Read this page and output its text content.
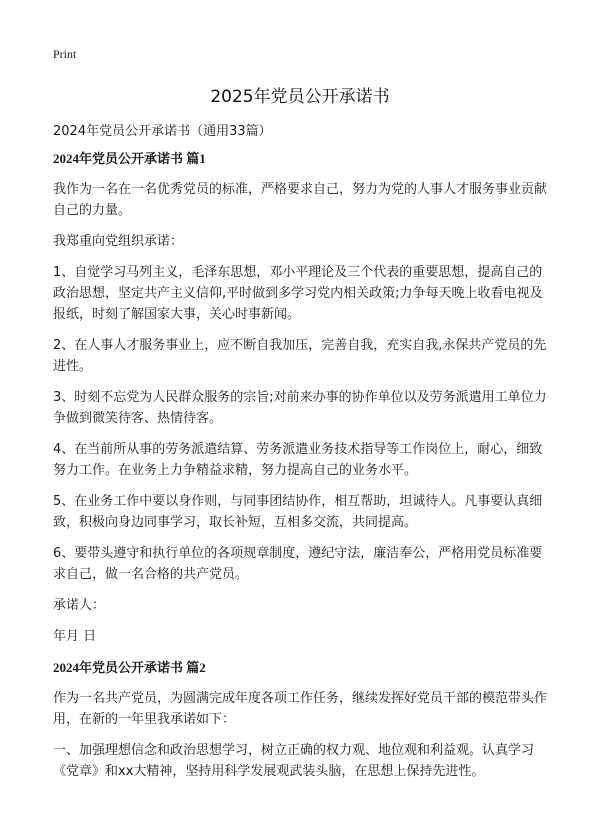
Print
2025年党员公开承诺书

2024年党员公开承诺书（通用33篇）

2024年党员公开承诺书 篇1

我作为一名在一名优秀党员的标准，严格要求自己，努力为党的人事人才服务事业贡献自己的力量。

我郑重向党组织承诺：

1、自觉学习马列主义，毛泽东思想，邓小平理论及三个代表的重要思想，提高自己的政治思想，坚定共产主义信仰,平时做到多学习党内相关政策;力争每天晚上收看电视及报纸，时刻了解国家大事，关心时事新闻。

2、在人事人才服务事业上，应不断自我加压，完善自我，充实自我,永保共产党员的先进性。

3、时刻不忘党为人民群众服务的宗旨;对前来办事的协作单位以及劳务派遣用工单位力争做到微笑待客、热情待客。

4、在当前所从事的劳务派遣结算、劳务派遣业务技术指导等工作岗位上，耐心，细致努力工作。在业务上力争精益求精，努力提高自己的业务水平。

5、在业务工作中要以身作则，与同事团结协作，相互帮助，坦诚待人。凡事要认真细致，积极向身边同事学习，取长补短，互相多交流，共同提高。

6、要带头遵守和执行单位的各项规章制度，遵纪守法，廉洁奉公，严格用党员标准要求自己，做一名合格的共产党员。

承诺人：

年月 日

2024年党员公开承诺书 篇2

作为一名共产党员，为圆满完成年度各项工作任务，继续发挥好党员干部的模范带头作用，在新的一年里我承诺如下：

一、加强理想信念和政治思想学习，树立正确的权力观、地位观和利益观。认真学习《党章》和xx大精神，坚持用科学发展观武装头脑，在思想上保持先进性。
